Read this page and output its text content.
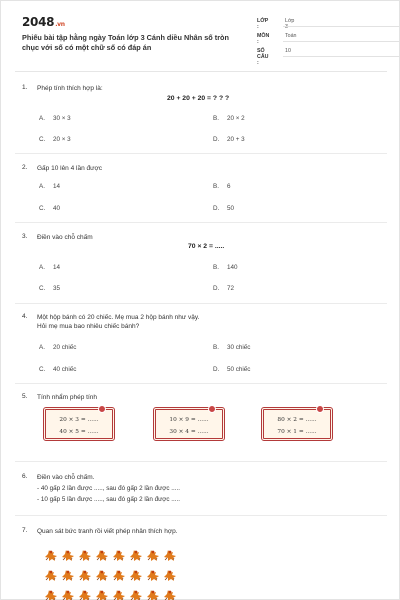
2048.vn
Phiếu bài tập hằng ngày Toán lớp 3 Cánh diều Nhân số tròn
chục với số có một chữ số có đáp án
LỚP :
Lớp 3
MÔN :
Toán
SỐ CÂU :
10
1. Phép tính thích hợp là:
20 + 20 + 20 = ? ? ?
A. 30 × 3	B. 20 × 2
C. 20 × 3	D. 20 + 3
2. Gấp 10 lên 4 lần được
A. 14	B. 6
C. 40	D. 50
3. Điền vào chỗ chấm
70 × 2 = .....
A. 14	B. 140
C. 35	D. 72
4. Một hộp bánh có 20 chiếc. Mẹ mua 2 hộp bánh như vậy.
Hỏi mẹ mua bao nhiêu chiếc bánh?
A. 20 chiếc	B. 30 chiếc
C. 40 chiếc	D. 50 chiếc
5. Tính nhẩm phép tính
20 × 3 = ......
40 × 5 = ......
10 × 9 = ......
30 × 4 = ......
80 × 2 = ......
70 × 1 = ......
6. Điền vào chỗ chấm.
- 40 gấp 2 lần được ....., sau đó gấp 2 lần được .....
- 10 gấp 5 lần được ....., sau đó gấp 2 lần được .....
7. Quan sát bức tranh rồi viết phép nhân thích hợp.
